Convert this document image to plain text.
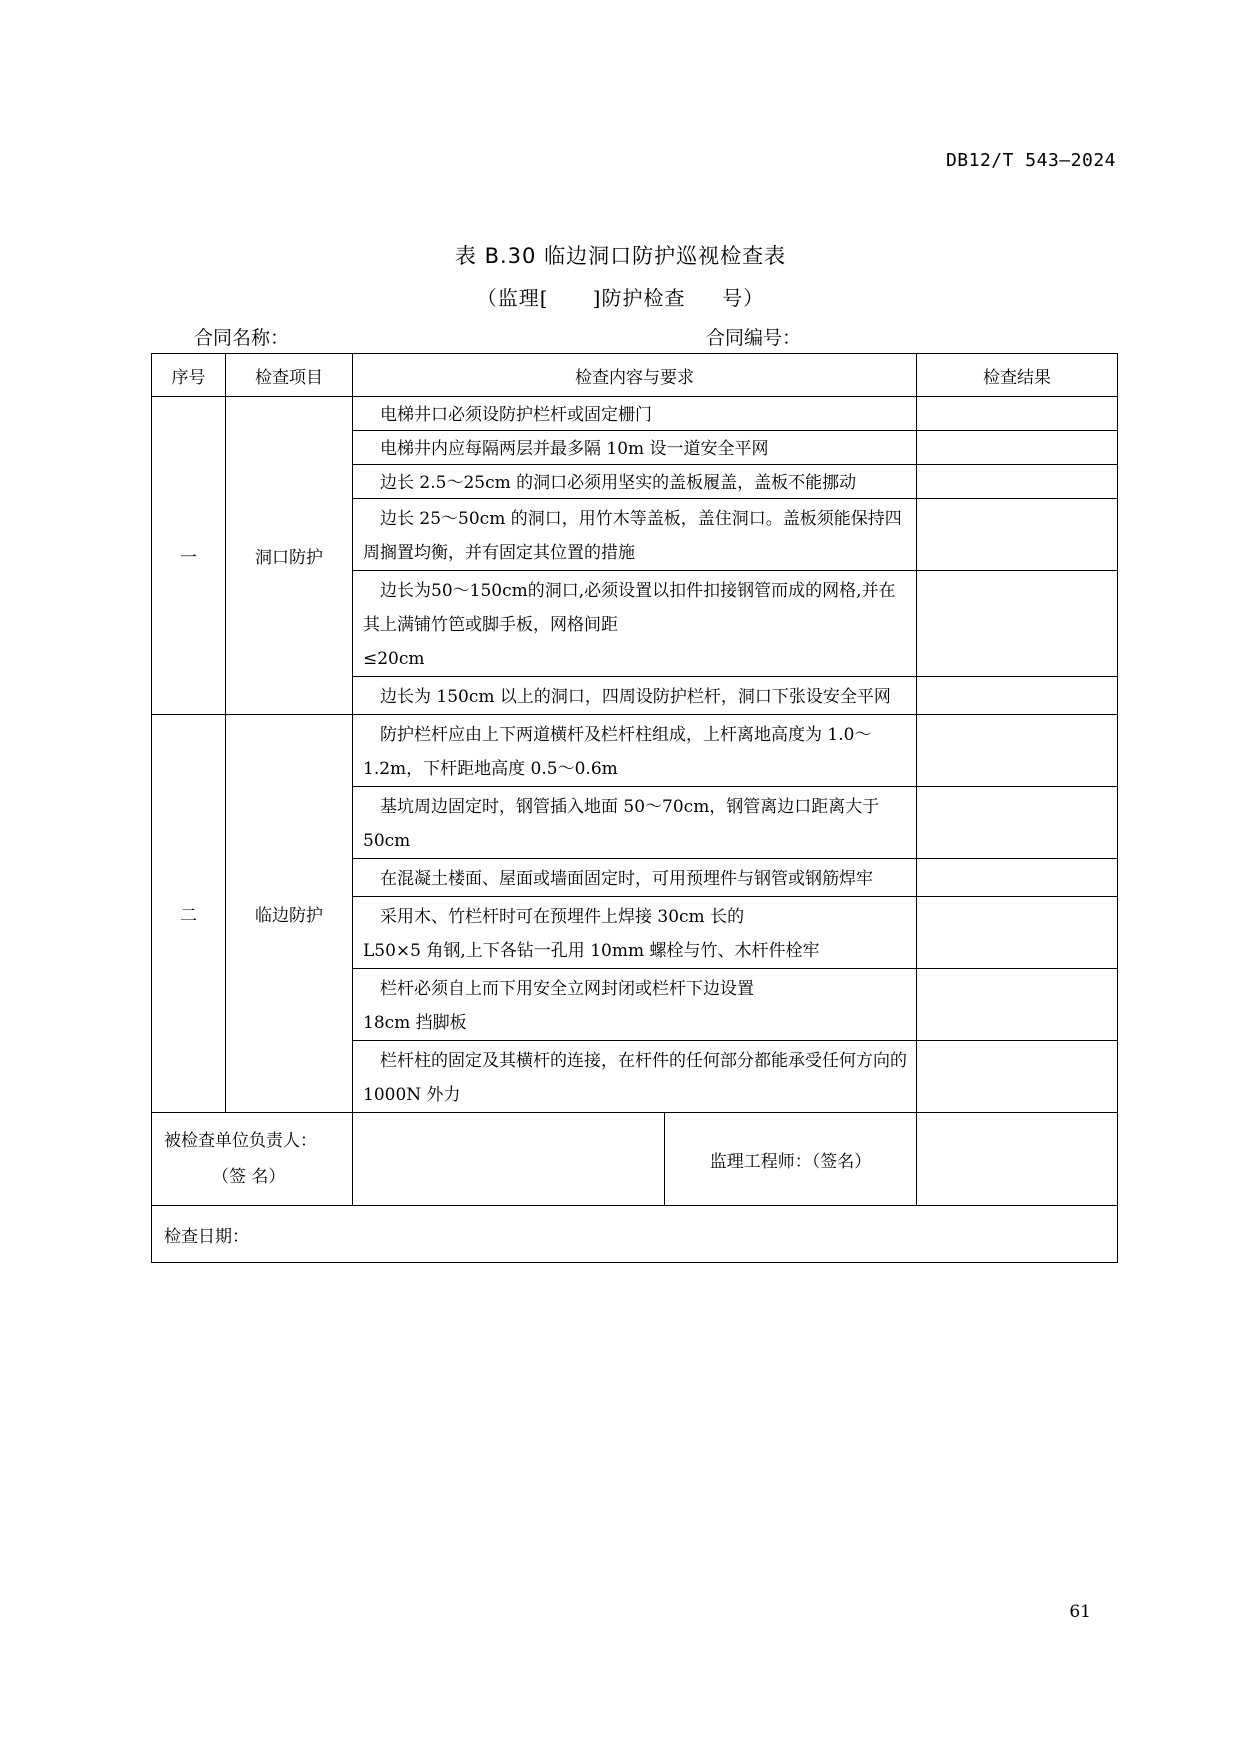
DB12/T 543—2024
表 B.30 临边洞口防护巡视检查表
（监理[      ]防护检查     号）
合同名称：	合同编号：
序号	检查项目	检查内容与要求		检查结果
一	洞口防护	电梯井口必须设防护栏杆或固定栅门		
		电梯井内应每隔两层并最多隔 10m 设一道安全平网		
		边长 2.5～25cm 的洞口必须用坚实的盖板履盖，盖板不能挪动		
		边长 25～50cm 的洞口，用竹木等盖板，盖住洞口。盖板须能保持四周搁置均衡，并有固定其位置的措施		
		边长为50～150cm的洞口,必须设置以扣件扣接钢管而成的网格,并在其上满铺竹笆或脚手板，网格间距
≤20cm		
		边长为 150cm 以上的洞口，四周设防护栏杆，洞口下张设安全平网		
二	临边防护	防护栏杆应由上下两道横杆及栏杆柱组成，上杆离地高度为 1.0～1.2m，下杆距地高度 0.5～0.6m		
		基坑周边固定时，钢管插入地面 50～70cm，钢管离边口距离大于 50cm		
		在混凝土楼面、屋面或墙面固定时，可用预埋件与钢管或钢筋焊牢		
		采用木、竹栏杆时可在预埋件上焊接 30cm 长的
L50×5 角钢,上下各钻一孔用 10mm 螺栓与竹、木杆件栓牢		
		栏杆必须自上而下用安全立网封闭或栏杆下边设置
18cm 挡脚板		
		栏杆柱的固定及其横杆的连接，在杆件的任何部分都能承受任何方向的 1000N 外力		

被检查单位负责人：
（签 名）			监理工程师：（签名）	
检查日期：				
61
